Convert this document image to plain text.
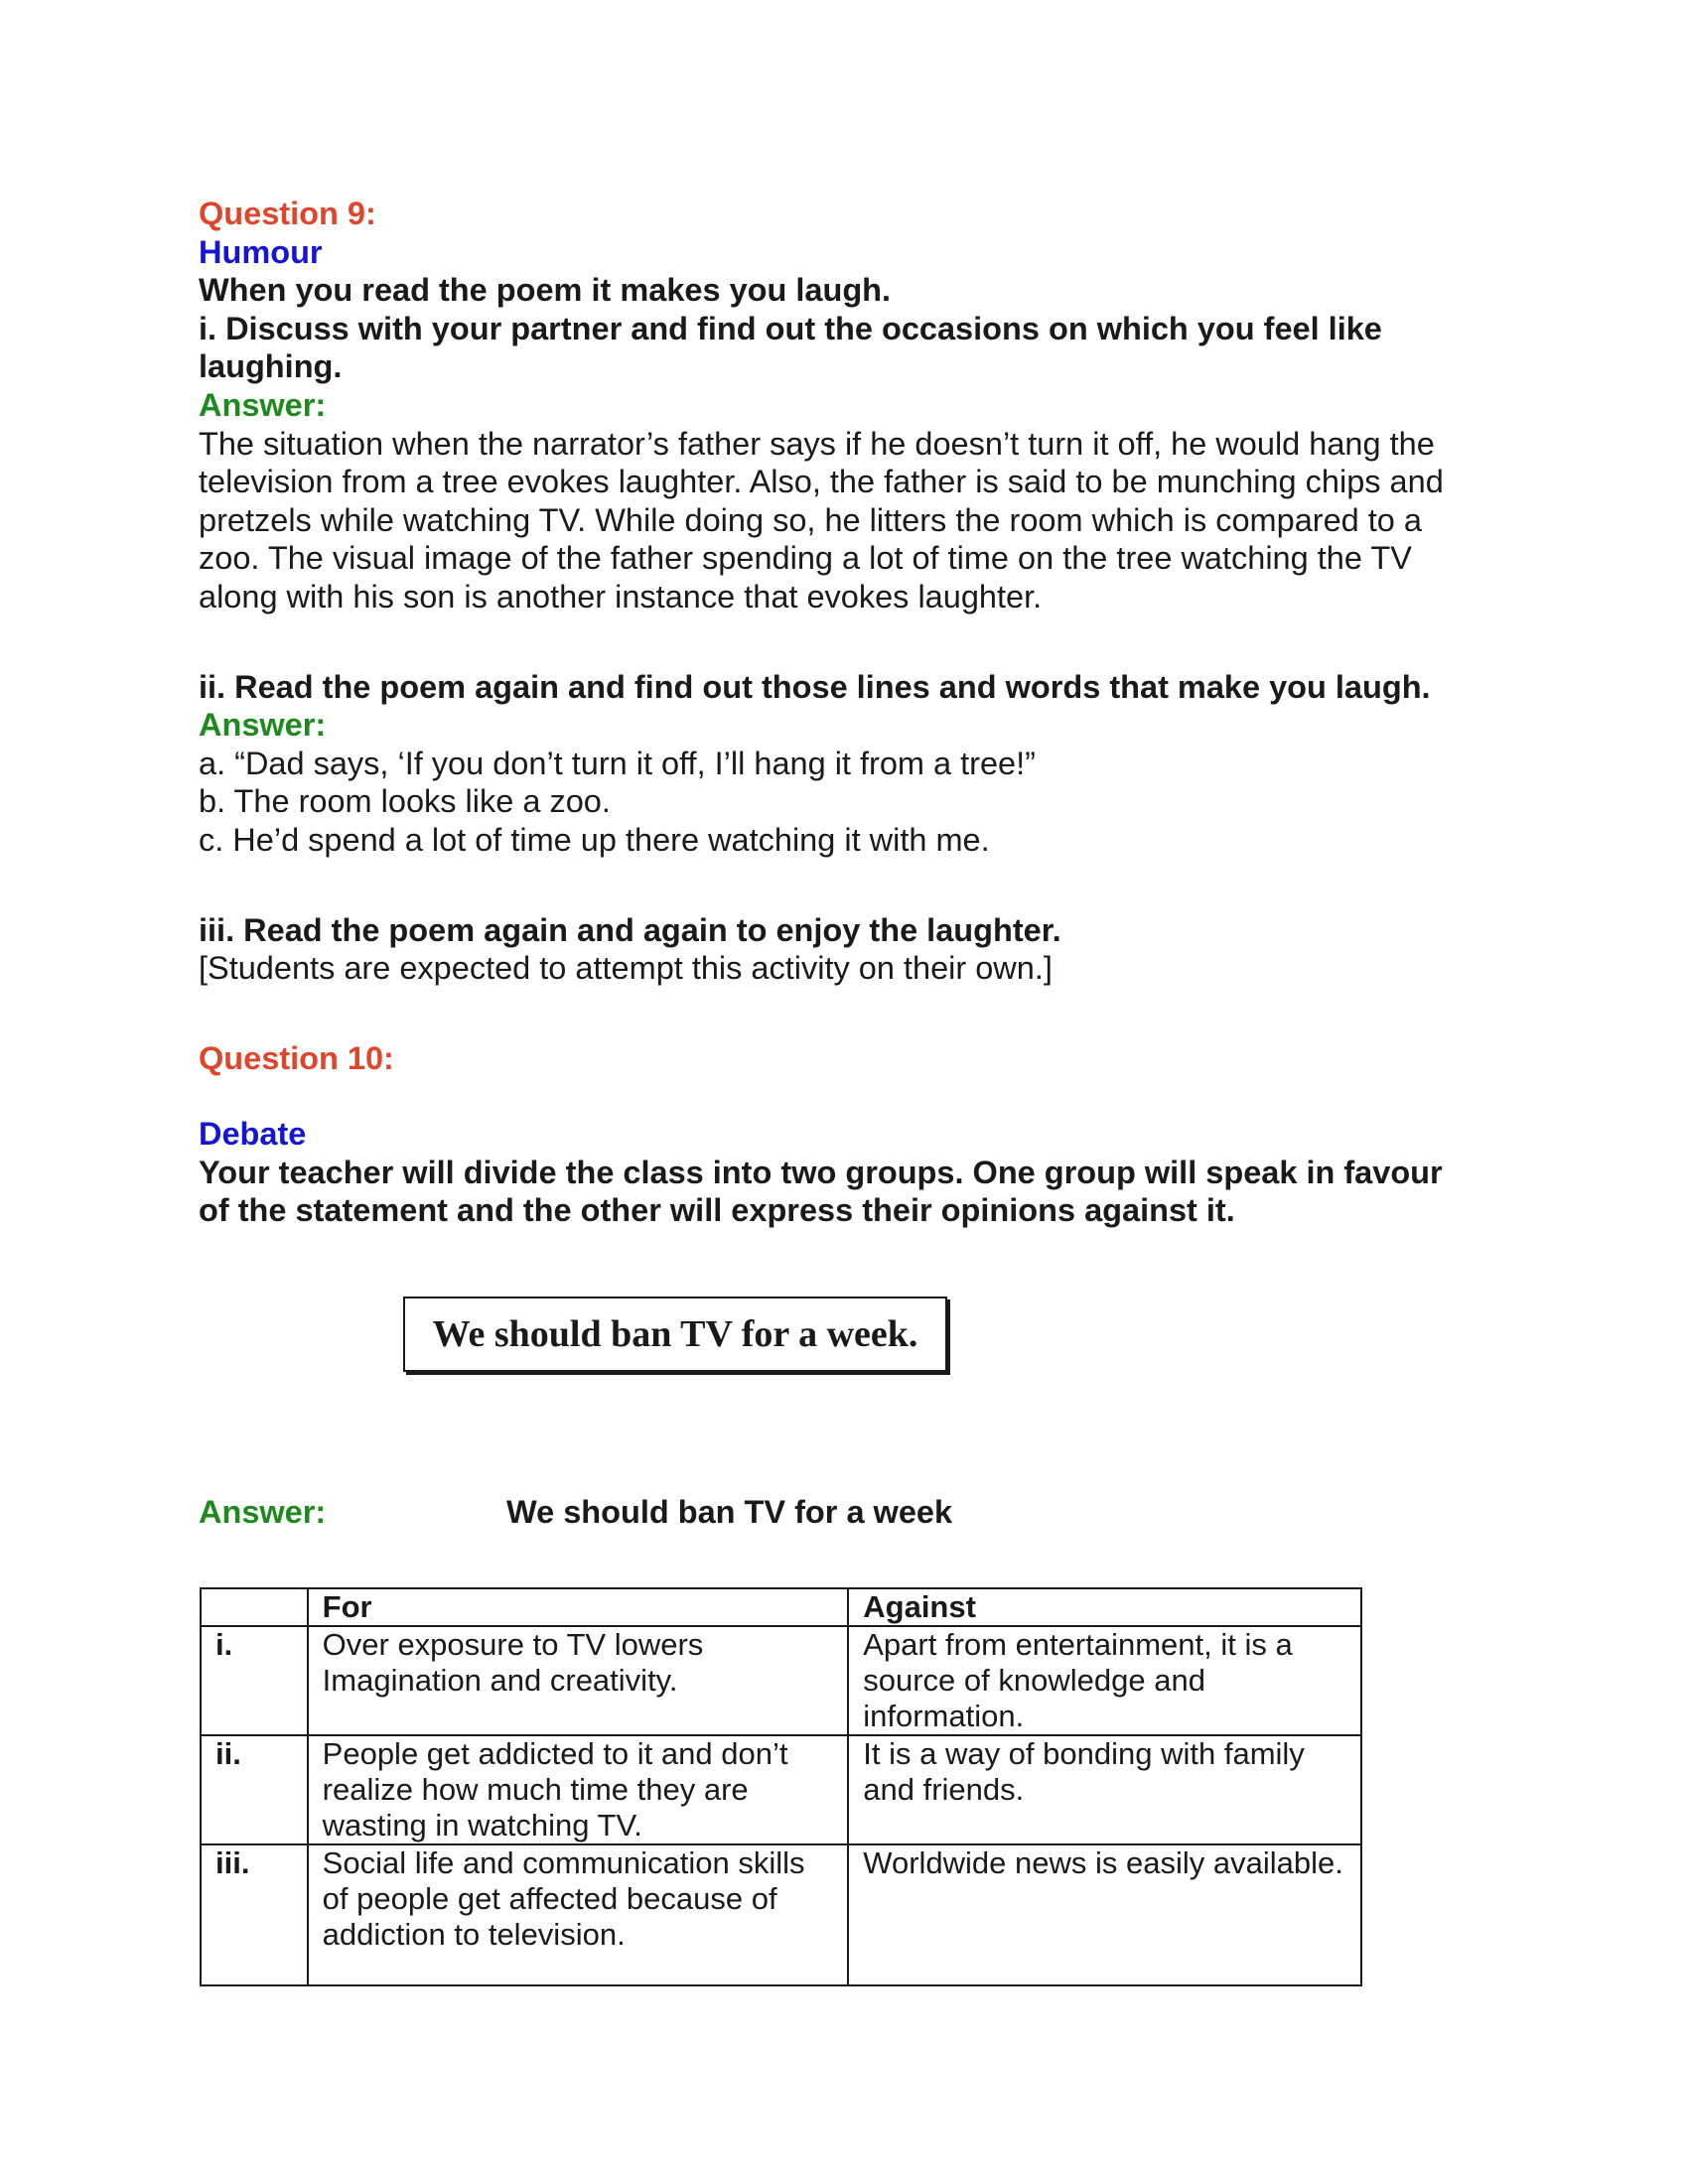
Question 9:

Humour

When you read the poem it makes you laugh.

i. Discuss with your partner and find out the occasions on which you feel like

laughing.

Answer:

The situation when the narrator’s father says if he doesn’t turn it off, he would hang the

television from a tree evokes laughter. Also, the father is said to be munching chips and

pretzels while watching TV. While doing so, he litters the room which is compared to a

zoo. The visual image of the father spending a lot of time on the tree watching the TV

along with his son is another instance that evokes laughter.

ii. Read the poem again and find out those lines and words that make you laugh.

Answer:

a. “Dad says, ‘If you don’t turn it off, I’ll hang it from a tree!”

b. The room looks like a zoo.

c. He’d spend a lot of time up there watching it with me.

iii. Read the poem again and again to enjoy the laughter.

[Students are expected to attempt this activity on their own.]

Question 10:

Debate

Your teacher will divide the class into two groups. One group will speak in favour

of the statement and the other will express their opinions against it.

We should ban TV for a week.
Answer:	We should ban TV for a week
	For	Against
i.	Over exposure to TV lowers Imagination and creativity.	Apart from entertainment, it is a source of knowledge and information.
ii.	People get addicted to it and don’t realize how much time they are wasting in watching TV.	It is a way of bonding with family and friends.
iii.	Social life and communication skills of people get affected because of addiction to television.	Worldwide news is easily available.
